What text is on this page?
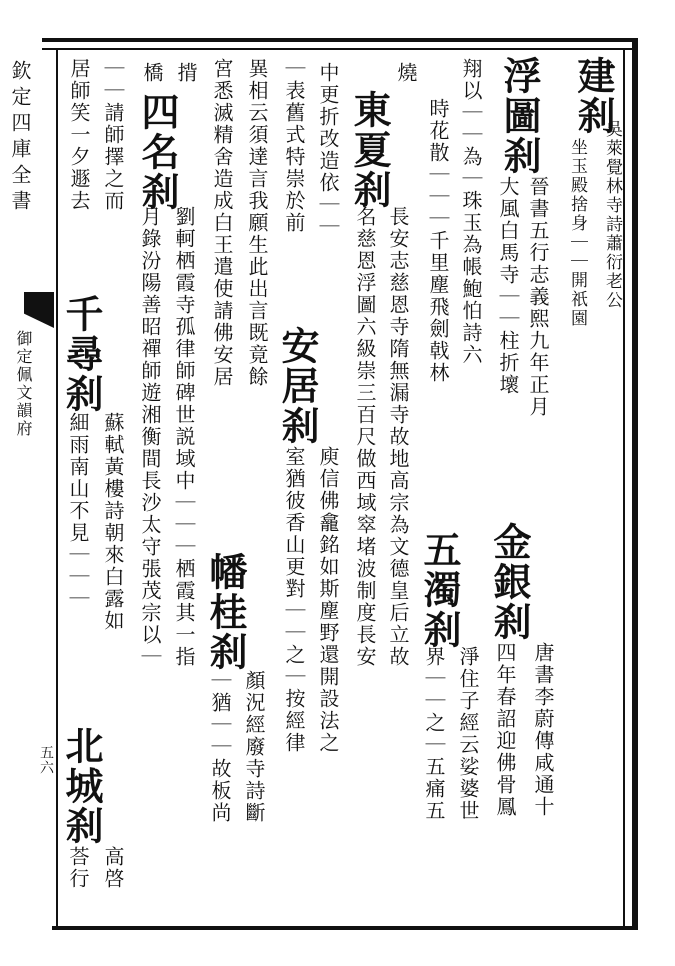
欽定四庫全書
御定佩文韻府
五六
建刹
吳萊覺林寺詩蕭衍老公
坐玉殿捨身｜｜開祇園
浮圖刹
晉書五行志義熙九年正月
大風白馬寺｜｜柱折壞
金銀刹
唐書李蔚傳咸通十
四年春詔迎佛骨鳳
翔以｜｜為｜珠玉為帳鮑怕詩六
時花散｜｜｜千里塵飛劍戟林
五濁刹
淨住子經云娑婆世
界｜｜之｜五痛五
燒
東夏刹
長安志慈恩寺隋無漏寺故地高宗為文德皇后立故
名慈恩浮圖六級崇三百尺做西域窣堵波制度長安
中更折改造依｜｜
安居刹
庾信佛龕銘如斯塵野還開設法之
｜表舊式特崇於前
室猶彼香山更對｜｜之｜按經律
異相云須達言我願生此出言既竟餘
宮悉滅精舍造成白王遣使請佛安居
幡桂刹
顏況經廢寺詩斷
｜猶｜｜故板尚
揹
四名刹
劉軻栖霞寺孤律師碑世説域中｜｜｜栖霞其一指
橋
月錄汾陽善昭禪師遊湘衡間長沙太守張茂宗以｜
｜｜請師擇之而
居師笑一夕遯去
千尋刹
蘇軾黃樓詩朝來白露如
細雨南山不見｜｜｜
北城刹
高啓
荅行
